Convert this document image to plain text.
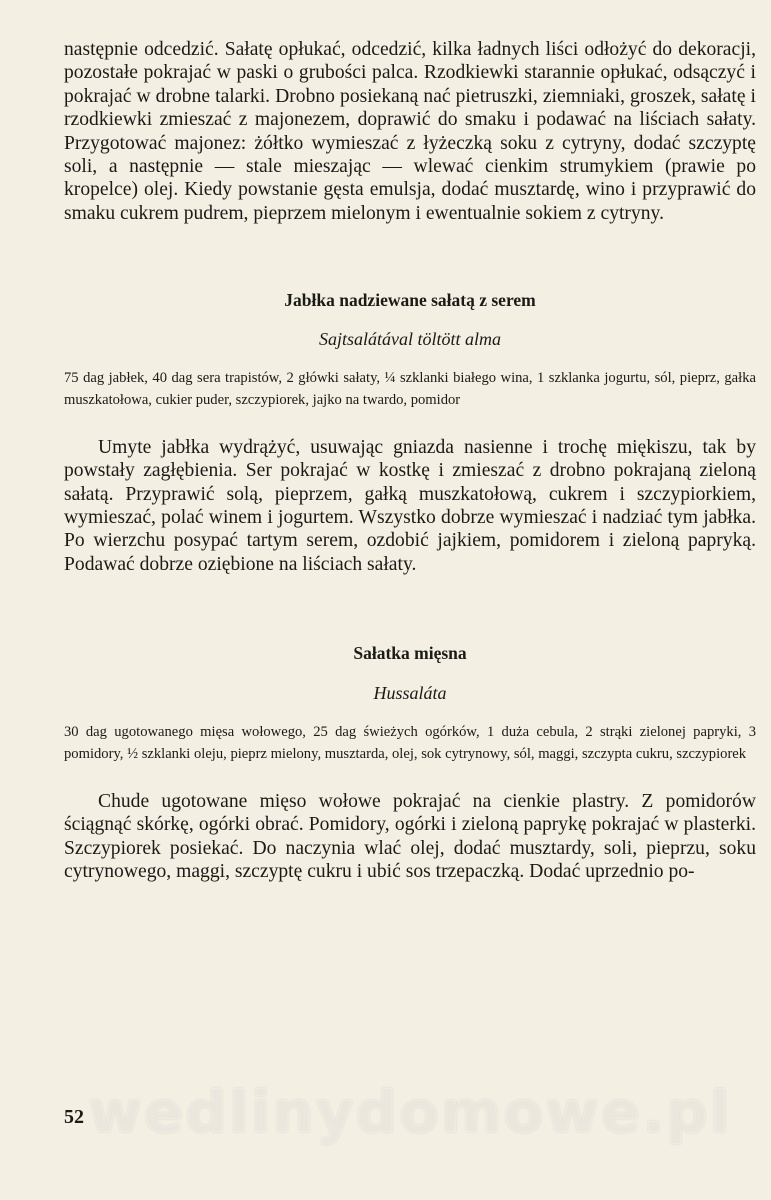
następnie odcedzić. Sałatę opłukać, odcedzić, kilka ładnych liści odłożyć do dekoracji, pozostałe pokrajać w paski o grubości palca. Rzodkiewki starannie opłukać, odsączyć i pokrajać w drobne talarki. Drobno posiekaną nać pietruszki, ziemniaki, groszek, sałatę i rzodkiewki zmieszać z majonezem, doprawić do smaku i podawać na liściach sałaty. Przygotować majonez: żółtko wymieszać z łyżeczką soku z cytryny, dodać szczyptę soli, a następnie — stale mieszając — wlewać cienkim strumykiem (prawie po kropelce) olej. Kiedy powstanie gęsta emulsja, dodać musztardę, wino i przyprawić do smaku cukrem pudrem, pieprzem mielonym i ewentualnie sokiem z cytryny.

Jabłka nadziewane sałatą z serem

Sajtsalátával töltött alma

75 dag jabłek, 40 dag sera trapistów, 2 główki sałaty, ¼ szklanki białego wina, 1 szklanka jogurtu, sól, pieprz, gałka muszkatołowa, cukier puder, szczypiorek, jajko na twardo, pomidor

Umyte jabłka wydrążyć, usuwając gniazda nasienne i trochę miękiszu, tak by powstały zagłębienia. Ser pokrajać w kostkę i zmieszać z drobno pokrajaną zieloną sałatą. Przyprawić solą, pieprzem, gałką muszkatołową, cukrem i szczypiorkiem, wymieszać, polać winem i jogurtem. Wszystko dobrze wymieszać i nadziać tym jabłka. Po wierzchu posypać tartym serem, ozdobić jajkiem, pomidorem i zieloną papryką. Podawać dobrze oziębione na liściach sałaty.

Sałatka mięsna

Hussaláta

30 dag ugotowanego mięsa wołowego, 25 dag świeżych ogórków, 1 duża cebula, 2 strąki zielonej papryki, 3 pomidory, ½ szklanki oleju, pieprz mielony, musztarda, olej, sok cytrynowy, sól, maggi, szczypta cukru, szczypiorek

Chude ugotowane mięso wołowe pokrajać na cienkie plastry. Z pomidorów ściągnąć skórkę, ogórki obrać. Pomidory, ogórki i zieloną paprykę pokrajać w plasterki. Szczypiorek posiekać. Do naczynia wlać olej, dodać musztardy, soli, pieprzu, soku cytrynowego, maggi, szczyptę cukru i ubić sos trzepaczką. Dodać uprzednio po-

wedlinydomowe.pl
52
